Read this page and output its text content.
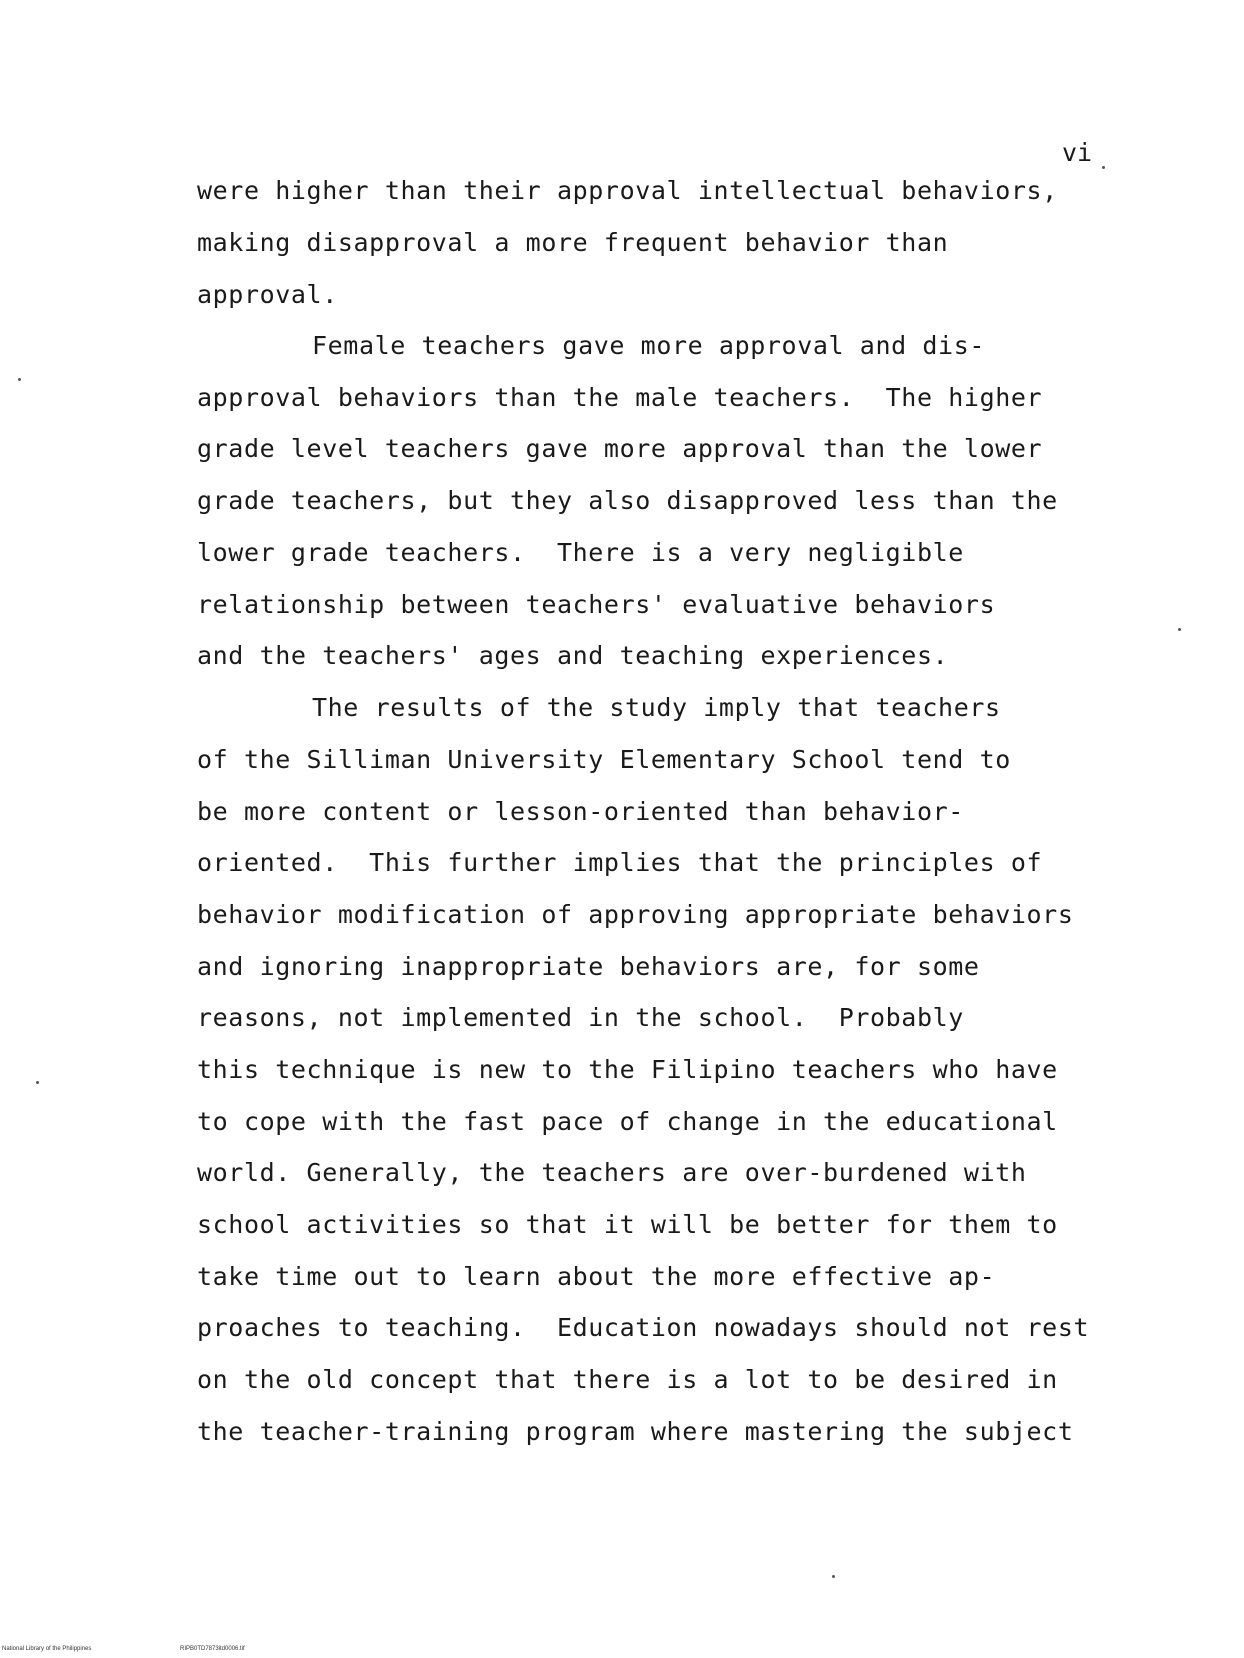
vi
were higher than their approval intellectual behaviors,
making disapproval a more frequent behavior than
approval.
Female teachers gave more approval and dis-
approval behaviors than the male teachers.  The higher
grade level teachers gave more approval than the lower
grade teachers, but they also disapproved less than the
lower grade teachers.  There is a very negligible
relationship between teachers' evaluative behaviors
and the teachers' ages and teaching experiences.
The results of the study imply that teachers
of the Silliman University Elementary School tend to
be more content or lesson-oriented than behavior-
oriented.  This further implies that the principles of
behavior modification of approving appropriate behaviors
and ignoring inappropriate behaviors are, for some
reasons, not implemented in the school.  Probably
this technique is new to the Filipino teachers who have
to cope with the fast pace of change in the educational
world. Generally, the teachers are over-burdened with
school activities so that it will be better for them to
take time out to learn about the more effective ap-
proaches to teaching.  Education nowadays should not rest
on the old concept that there is a lot to be desired in
the teacher-training program where mastering the subject
National Library of the Philippines	RIPB0TD7873itd0006.tif
